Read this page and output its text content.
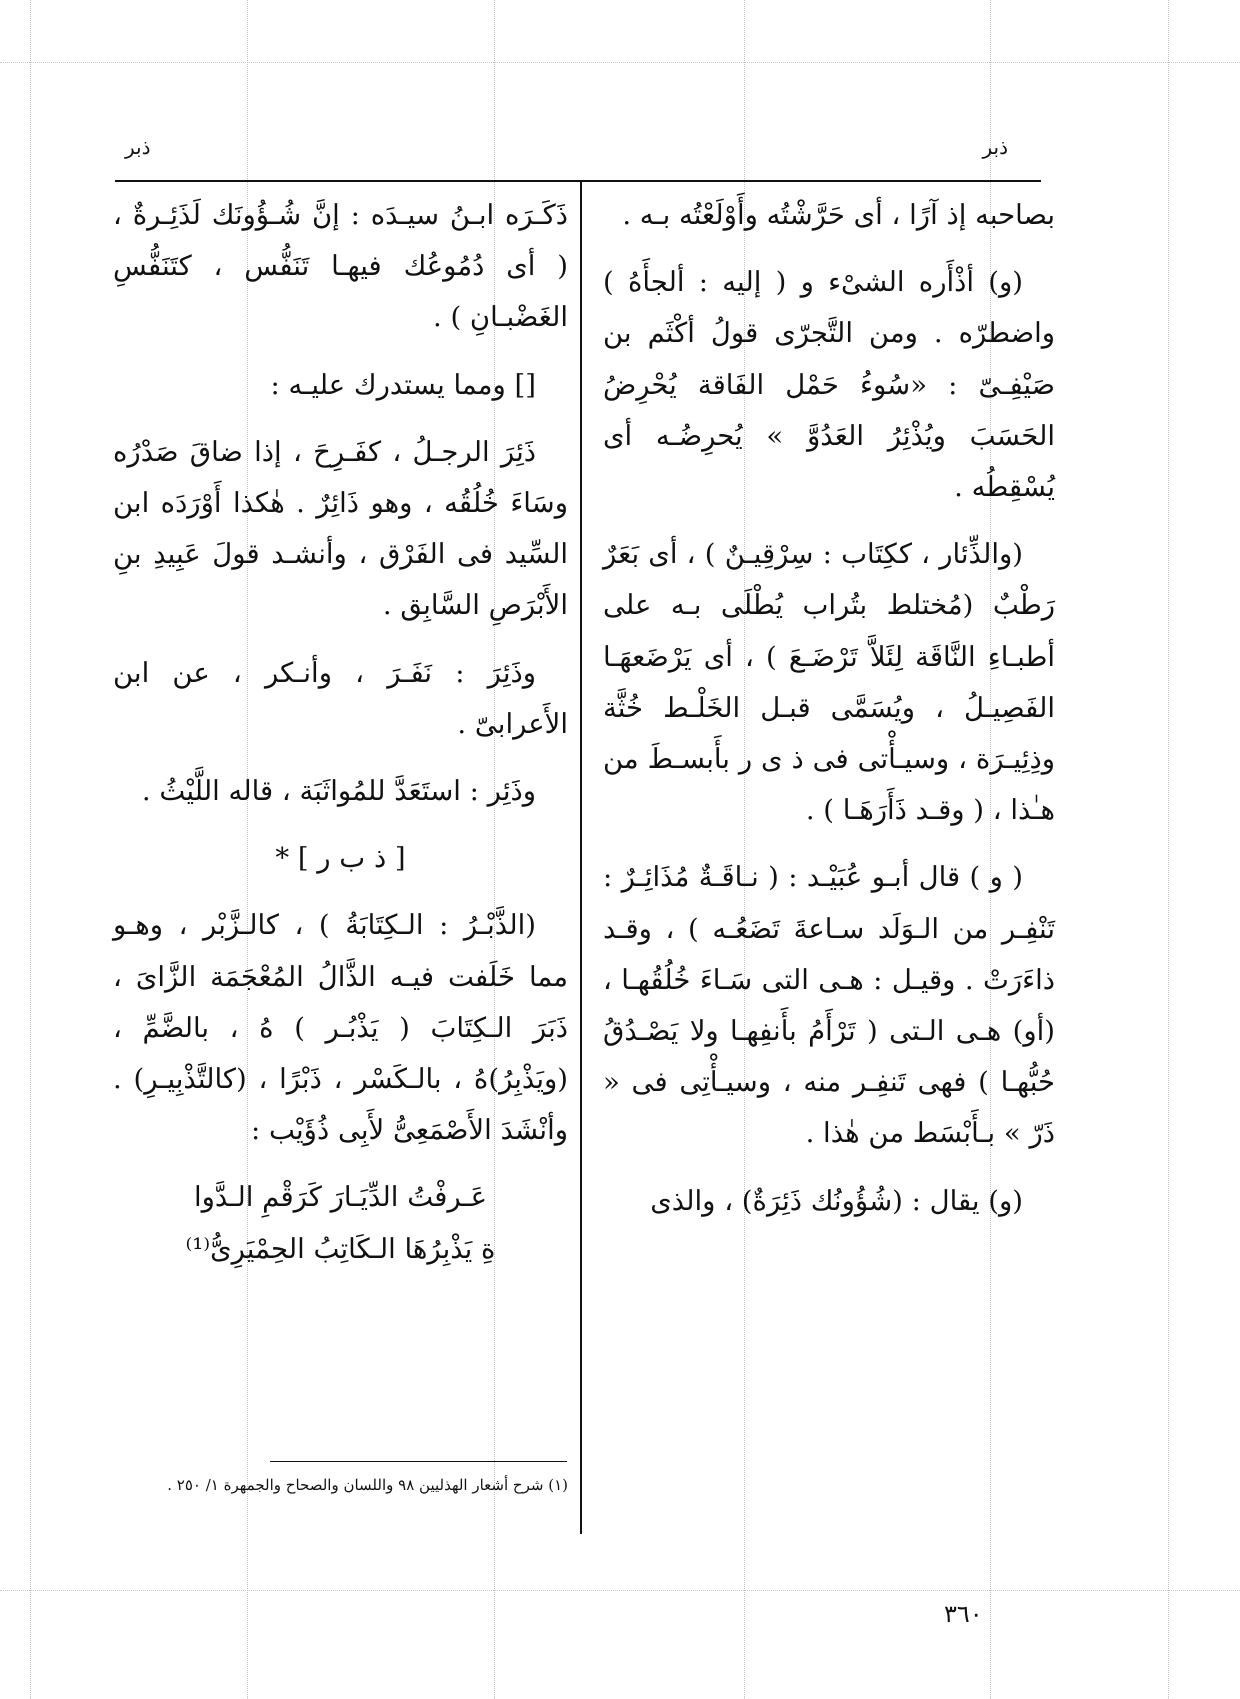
ذبر
ذبر

بصاحبه إذ آرًا ، أى حَرَّشْتُه وأَوْلَعْتُه بـه .

(و) أذْأَره الشىْء و ( إليه : ألجأَهُ ) واضطرّه . ومن التَّجرّى قولُ أكْثَم بن صَيْفِـىّ : «سُوءُ حَمْل الفَاقة يُحْرِضُ الحَسَبَ ويُذْئِرُ العَدُوَّ » يُحرِضُـه أى يُسْقِطُه .

(والذِّئار ، ككِتَاب : سِرْقِيـنٌ ) ، أى بَعَرٌ رَطْبٌ (مُختلط بتُراب يُطْلَى بـه على أطبـاءِ النَّاقَة لِئَلاَّ تَرْضَـعَ ) ، أى يَرْضَعهَـا الفَصِيـلُ ، ويُسَمَّى قبـل الخَلْـط خُثَّة وذِئِيـرَة ، وسيـأْتى فى ذ ى ر بأَبسـطَ من هـٰذا ، ( وقـد ذَأَرَهَـا ) .

( و ) قال أبـو عُبَيْـد : ( نـاقَـةٌ مُذَائِـرٌ : تَنْفِـر من الـوَلَد سـاعةَ تَضَعُـه ) ، وقـد ذاءَرَتْ . وقيـل : هـى التى سَـاءَ خُلُقُهـا ، (أو) هـى الـتى ( تَرْأَمُ بأَنفِهـا ولا يَصْـدُقُ حُبُّهـا ) فهى تَنفِـر منه ، وسيـأْتِى فى « ذَرّ » بـأَبْسَط من هٰذا .

(و) يقال : (شُؤُونُك ذَئِرَةٌ) ، والذى

ذَكَـرَه ابـنُ سيـدَه : إنَّ شُـؤُونَك لَذَئِـرةٌ ، ( أى دُمُوعُك فيهـا تَنَفُّس ، كتَنَفُّسِ الغَضْبـانِ ) .

[] ومما يستدرك عليـه :

ذَئِرَ الرجـلُ ، كفَـرِحَ ، إذا ضاقَ صَدْرُه وسَاءَ خُلُقُه ، وهو ذَائِرٌ . هٰكذا أَوْرَدَه ابن السِّيد فى الفَرْق ، وأنشـد قولَ عَبِيدِ بنِ الأَبْرَصِ السَّابِق .

وذَئِرَ : نَفَـرَ ، وأنـكر ، عن ابن الأَعرابىّ .

وذَئِر : استَعَدَّ للمُواثَبَة ، قاله اللَّيْثُ .

[ ذ ب ر ] *

(الذَّبْـرُ : الـكِتَابَةُ ) ، كالـزَّبْر ، وهـو مما خَلَفت فيـه الذَّالُ المُعْجَمَة الزَّاىَ ، ذَبَرَ الـكِتَابَ ( يَذْبُـر ) هُ ، بالضَّمِّ ، (ويَذْبِرُ)هُ ، بالـكَسْر ، ذَبْرًا ، (كالتَّذْبِيـرِ) . وأنْشَدَ الأَصْمَعِىُّ لأَبِى ذُؤَيْب :

عَـرفْتُ الدِّيَـارَ كَرَقْمِ الـدَّوا

ةِ يَذْبِرُهَا الـكَاتِبُ الحِمْيَرِىُّ⁽¹⁾

(١) شرح أشعار الهذليين ٩٨ واللسان والصحاح والجمهرة ١/ ٢٥٠ .
٣٦٠
